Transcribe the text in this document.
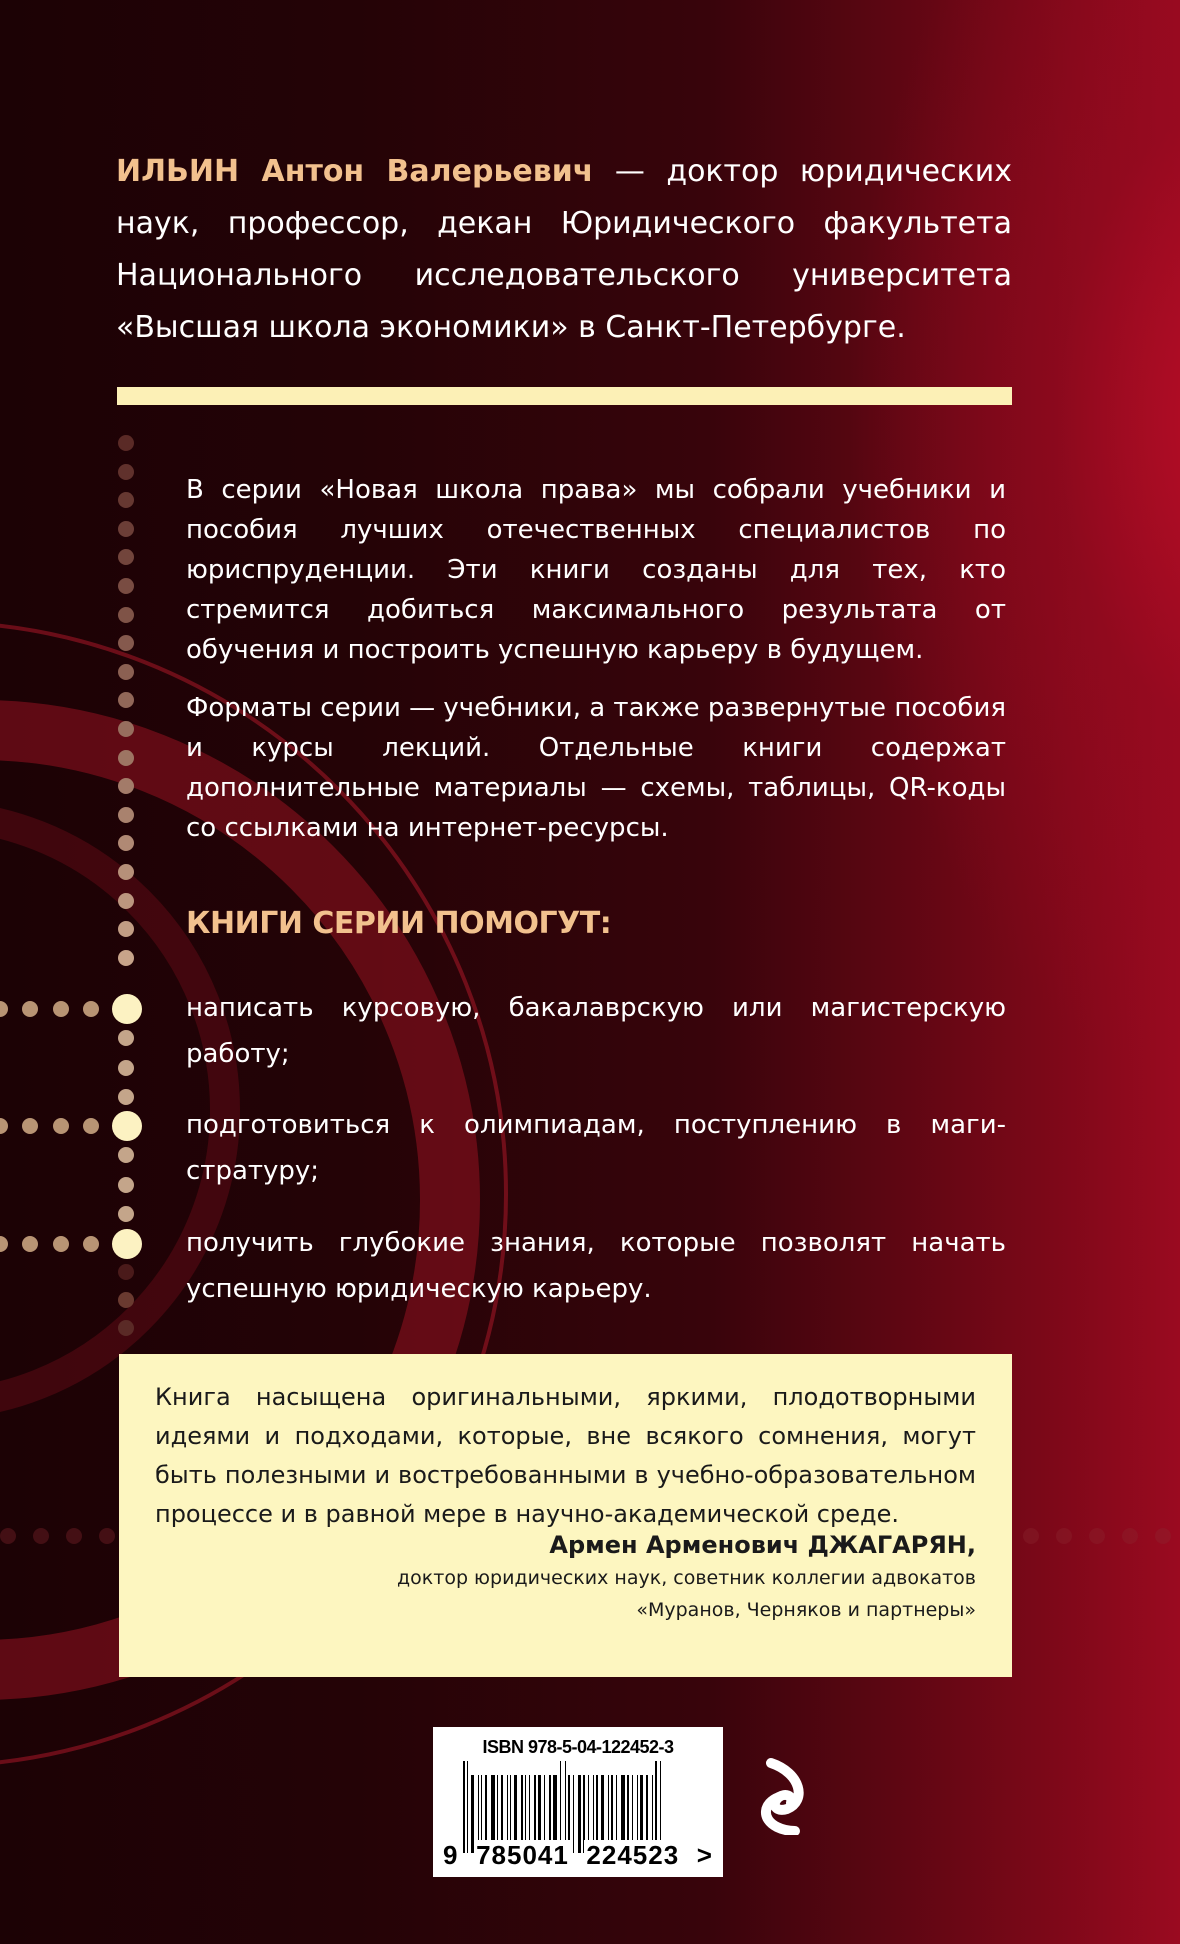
ИЛЬИН Антон Валерьевич — доктор юридических наук, профессор, декан Юридического факультета Национального исследовательского университета «Высшая школа экономики» в Санкт-Петербурге.

В серии «Новая школа права» мы собрали учебники и пособия лучших отечественных специалистов по юриспруденции. Эти книги созданы для тех, кто стремится добиться максимального результата от обучения и построить успешную карьеру в будущем.

Форматы серии — учебники, а также развернутые пособия и курсы лекций. Отдельные книги содержат дополнительные материалы — схемы, таблицы, QR-коды со ссылками на интернет-ресурсы.

КНИГИ СЕРИИ ПОМОГУТ:
написать курсовую, бакалаврскую или магистерскую работу;
подготовиться к олимпиадам, поступлению в магистратуру;
получить глубокие знания, которые позволят начать успешную юридическую карьеру.

Книга насыщена оригинальными, яркими, плодотворными идеями и подходами, которые, вне всякого сомнения, могут быть полезными и востребованными в учебно-образовательном процессе и в равной мере в научно-академической среде.

Армен Арменович ДЖАГАРЯН,
доктор юридических наук, советник коллегии адвокатов
«Муранов, Черняков и партнеры»
ISBN 978-5-04-122452-3
9 785041 224523 >
